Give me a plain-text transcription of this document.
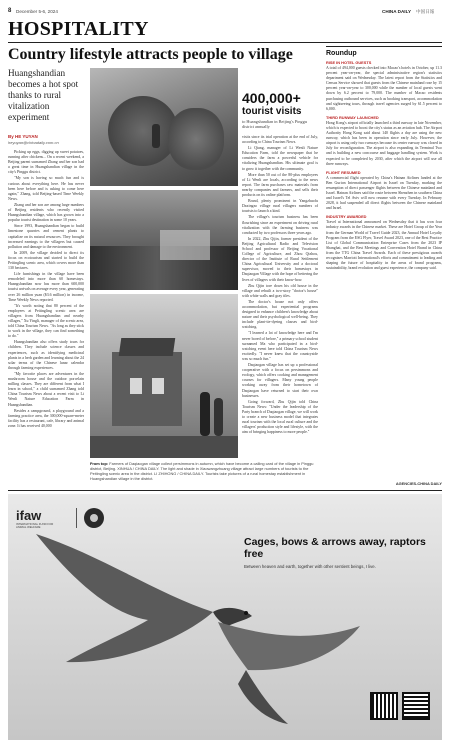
8 December 5-6, 2024	CHINA DAILY 中国日報
HOSPITALITY
Country lifestyle attracts people to village
Huangshandian becomes a hot spot thanks to rural vitalization experiment
By HE YUYAN
heyuyan@chinadaily.com.cn

Picking up eggs, digging up sweet potatoes, running after chickens... On a recent weekend, a Beijing parent surnamed Zhang and her son had a great time in Huangshandian village in the city's Pinggu district.

"My son is having so much fun and is curious about everything here. He has never been here before and is asking to come here again," Zhang, told Beijing-based Time Weekly News.

Zhang and her son are among large numbers of Beijing residents who recently visited Huangshandian village, which has grown into a popular tourist destination in some 10 years.

Since 1993, Huangshandian began to build limestone quarries and cement plants to capitalize on its natural resources. They brought increased earnings to the villagers but caused pollution and damage to the environment.

In 2009, the village decided to direct its focus on ecotourism and started to build the Peitingling scenic area, which covers more than 130 hectares.

Life furnishings in the village have been remodeled into more than 60 homestays. Huangshandian now has more than 600,000 tourist arrivals on average every year, generating over 26 million yuan ($3.6 million) in income, Time Weekly News reported.

"It's worth noting that 80 percent of the employees at Peitingling scenic area are villagers from Huangshandian and nearby villages," Xu Yingli, manager of the scenic area, told China Tourism News. "As long as they stick to work in the village, they can find something to do."

Huangshandian also offers study tours for children. They include science classes and experiences, such as identifying medicinal plants in a herb garden and learning about the 24 solar terms of the Chinese lunar calendar through farming experiences.

"My favorite places are adventures in the mushroom house and the outdoor porcelain milling classes. They are different from what I learn in school," a child surnamed Zhang told China Tourism News about a recent visit to Li Wenli Nature Education Farm in Huangshandian.

Besides a campground, a playground and a farming practice area, the 300,000-square-meter facility has a restaurant, cafe, library and animal zone. It has received 40,000

400,000+
tourist visits
to Huangshandian in Beijing's Pinggu district annually

visits since its trial operation at the end of July, according to China Tourism News.

Li Qiang, manager of Li Wenli Nature Education Farm, told the newspaper that he considers the farm a powerful vehicle for vitalizing Huangshandian. His ultimate goal is to grow it together with the community.

More than 50 out of the 80-plus employees of Li Wenli are locals, according to the news report. The farm purchases raw materials from nearby companies and farmers, and sells their products on its online platform.

Brand, plenty prominent in Yangzhuofu Daxingzo village rural villagers numbers of tourists to launch a kind.

The village's tourism business has been flourishing since an experiment on driving rural vitalization with the farming business was conducted by two professors three years ago.

In 2022, Zhu Qijin, former president of the Beijing Agricultural Radio and Television School and professor of Beijing Vocational College of Agriculture, and Zhou Qizhou, director of the Institute of Rural Settlement China Agricultural University and a doctoral supervisor, moved to their homestays in Daqiaogan Village with the hope of bettering the lives of villagers with their know-how.

Zhu Qijin tore down his old house in the village and rebuilt a two-story "doctor's house" with white walls and gray tiles.

The doctor's house not only offers accommodation, but experiential programs designed to enhance children's knowledge about nature and their psychological well-being. They include plant-tie-dyeing classes and bird-watching.

"I learned a lot of knowledge here and I'm never bored of before," a primary school student surnamed Ma who participated in a bird-watching event here told China Tourism News excitedly. "I never knew that the countryside was so much fun."

Daqiaogan village has set up a professional cooperative with a focus on persimmons and ecology, which offers cooking and management courses for villagers. Many young people working away from their hometown of Daqiaogan have returned to start their own businesses.

Going forward, Zhu Qijin told China Tourism News: "Under the leadership of the Party branch of Daqiaogan village, we will work to create a new business model that integrates rural tourism with the local rural culture and the villagers' production style and lifestyle, with the aim of bringing happiness to more people."

From top: Farmers of Daqiaogan village collect persimmons in autumn, which have become a calling card of the village in Pinggu district, Beijing. XINHUA / CHINA DAILY. The light and shade in Xiaowangzhuang village attract large numbers of tourists to the Peitingling scenic area in the district. LI ZHIHONG / CHINA DAILY. Tourists take pictures of a rural homestay establishment in Huangshandian village in the district.
Roundup
RISE IN HOTEL GUESTS
A total of 494,000 guests checked into Macao's hotels in October, up 11.3 percent year-on-year, the special administrative region's statistics department said on Wednesday. The latest report from the Statistics and Census Service showed that guests from the Chinese mainland rose by 15 percent year-on-year to 300,000 while the number of local guests went down by 6.2 percent to 79,000. The number of Macao residents purchasing outbound services, such as booking transport, accommodation and sightseeing tours, through travel agencies surged by 61.5 percent to 6,000.
THIRD RUNWAY LAUNCHED
Hong Kong's airport officially launched a third runway in late November, which is expected to boost the city's status as an aviation hub. The Airport Authority Hong Kong said about 140 flights a day are using the new runway, which has been in operation since early July. However, the airport is using only two runways because its center runway was closed in July for reconfiguration. The airport is also expanding its Terminal Two and is building a new concourse and baggage handling system. Work is expected to be completed by 2030, after which the airport will use all three runways.
FLIGHT RESUMED
A commercial flight operated by China's Hainan Airlines landed at the Ben Gurion International Airport in Israel on Tuesday, marking the resumption of direct passenger flights between the Chinese mainland and Israel. Hainan Airlines said the route between Shenzhen in southern China and Israel's Tel Aviv will now resume with every Tuesday. In February 2028, it had suspended all direct flights between the Chinese mainland and Israel.
INDUSTRY AWARDED
Travel at International announced on Wednesday that it has won four industry awards in the Chinese market. These are Hotel Group of the Year from the German World of Travel Guide 2023, the Annual Hotel Loyalty Program from the ESG Flyer, Travel Award 2023, one of the Best Practice List of Global Communication Enterprise Cases from the 2023 IP Shanghai, and the Best Meetings and Convention Hotel Brand in China from the TTG China Travel Awards. Each of these prestigious awards recognizes Marriott International's efforts and commitment to leading and shaping the future of hospitality in the areas of brand programs, sustainability, brand evolution and guest experience, the company said.
AGENCIES-CHINA DAILY
ifaw
INTERNATIONAL FUND FOR ANIMAL WELFARE
Cages, bows & arrows away, raptors free
Between heaven and earth, together with other sentient beings, I live.
